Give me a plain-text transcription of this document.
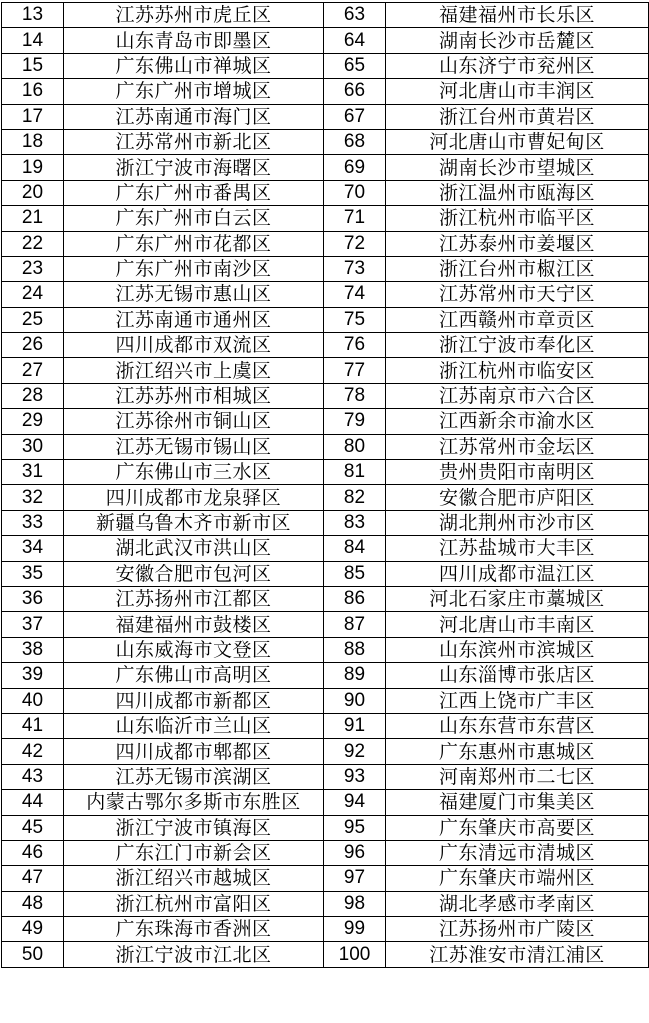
13	江苏苏州市虎丘区	63	福建福州市长乐区
14	山东青岛市即墨区	64	湖南长沙市岳麓区
15	广东佛山市禅城区	65	山东济宁市兖州区
16	广东广州市增城区	66	河北唐山市丰润区
17	江苏南通市海门区	67	浙江台州市黄岩区
18	江苏常州市新北区	68	河北唐山市曹妃甸区
19	浙江宁波市海曙区	69	湖南长沙市望城区
20	广东广州市番禺区	70	浙江温州市瓯海区
21	广东广州市白云区	71	浙江杭州市临平区
22	广东广州市花都区	72	江苏泰州市姜堰区
23	广东广州市南沙区	73	浙江台州市椒江区
24	江苏无锡市惠山区	74	江苏常州市天宁区
25	江苏南通市通州区	75	江西赣州市章贡区
26	四川成都市双流区	76	浙江宁波市奉化区
27	浙江绍兴市上虞区	77	浙江杭州市临安区
28	江苏苏州市相城区	78	江苏南京市六合区
29	江苏徐州市铜山区	79	江西新余市渝水区
30	江苏无锡市锡山区	80	江苏常州市金坛区
31	广东佛山市三水区	81	贵州贵阳市南明区
32	四川成都市龙泉驿区	82	安徽合肥市庐阳区
33	新疆乌鲁木齐市新市区	83	湖北荆州市沙市区
34	湖北武汉市洪山区	84	江苏盐城市大丰区
35	安徽合肥市包河区	85	四川成都市温江区
36	江苏扬州市江都区	86	河北石家庄市藁城区
37	福建福州市鼓楼区	87	河北唐山市丰南区
38	山东威海市文登区	88	山东滨州市滨城区
39	广东佛山市高明区	89	山东淄博市张店区
40	四川成都市新都区	90	江西上饶市广丰区
41	山东临沂市兰山区	91	山东东营市东营区
42	四川成都市郫都区	92	广东惠州市惠城区
43	江苏无锡市滨湖区	93	河南郑州市二七区
44	内蒙古鄂尔多斯市东胜区	94	福建厦门市集美区
45	浙江宁波市镇海区	95	广东肇庆市高要区
46	广东江门市新会区	96	广东清远市清城区
47	浙江绍兴市越城区	97	广东肇庆市端州区
48	浙江杭州市富阳区	98	湖北孝感市孝南区
49	广东珠海市香洲区	99	江苏扬州市广陵区
50	浙江宁波市江北区	100	江苏淮安市清江浦区
